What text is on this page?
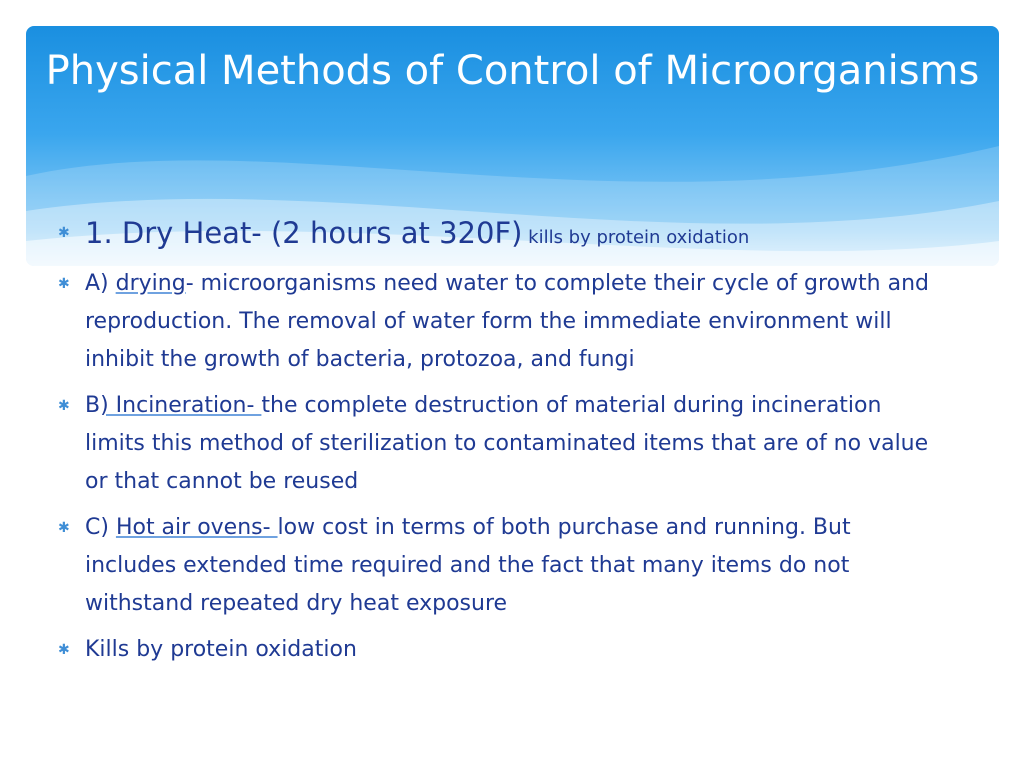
Physical Methods of Control of Microorganisms
✱ 1. Dry Heat- (2 hours at 320F) kills by protein oxidation
✱ A) drying- microorganisms need water to complete their cycle of growth and reproduction. The removal of water form the immediate environment will inhibit the growth of bacteria, protozoa, and fungi
✱ B) Incineration- the complete destruction of material during incineration limits this method of sterilization to contaminated items that are of no value or that cannot be reused
✱ C) Hot air ovens- low cost in terms of both purchase and running. But includes extended time required and the fact that many items do not withstand repeated dry heat exposure
✱ Kills by protein oxidation
